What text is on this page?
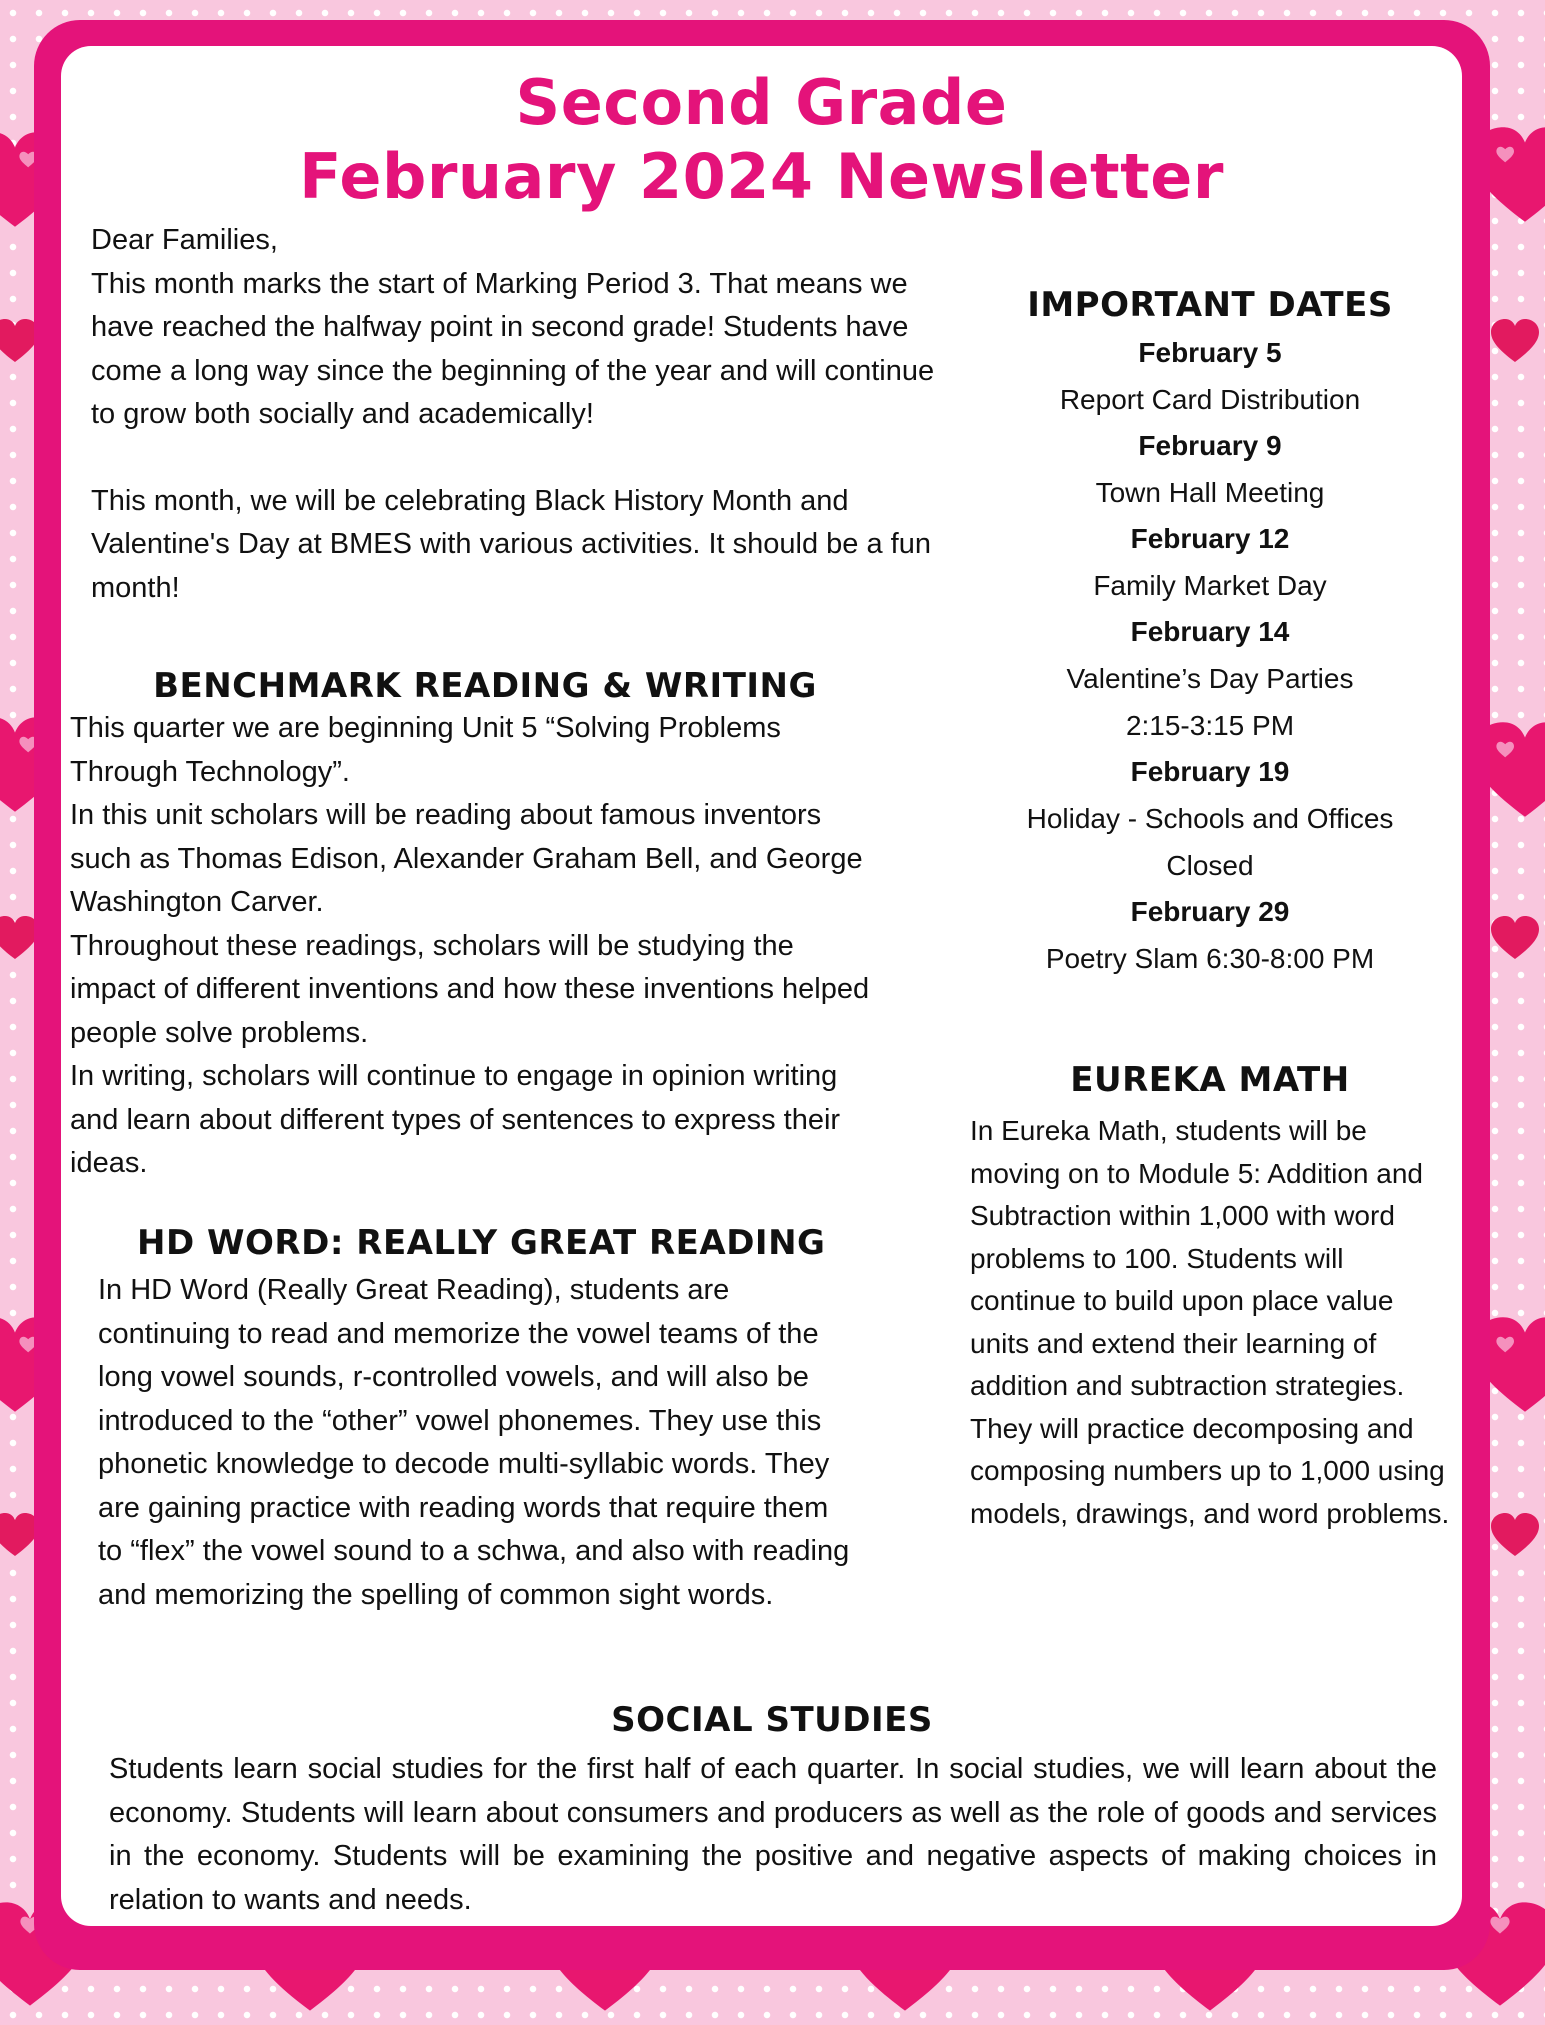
Second Grade
February 2024 Newsletter

Dear Families,

This month marks the start of Marking Period 3. That means we have reached the halfway point in second grade! Students have come a long way since the beginning of the year and will continue to grow both socially and academically!

This month, we will be celebrating Black History Month and Valentine's Day at BMES with various activities. It should be a fun month!

IMPORTANT DATES
February 5
Report Card Distribution
February 9
Town Hall Meeting
February 12
Family Market Day
February 14
Valentine’s Day Parties
2:15-3:15 PM
February 19
Holiday - Schools and Offices
Closed
February 29
Poetry Slam 6:30-8:00 PM
BENCHMARK READING & WRITING

This quarter we are beginning Unit 5 “Solving Problems

Through Technology”.

In this unit scholars will be reading about famous inventors

such as Thomas Edison, Alexander Graham Bell, and George

Washington Carver.

Throughout these readings, scholars will be studying the

impact of different inventions and how these inventions helped

people solve problems.

In writing, scholars will continue to engage in opinion writing

and learn about different types of sentences to express their

ideas.

HD WORD: REALLY GREAT READING
In HD Word (Really Great Reading), students are continuing to read and memorize the vowel teams of the long vowel sounds, r-controlled vowels, and will also be introduced to the “other” vowel phonemes. They use this phonetic knowledge to decode multi-syllabic words. They are gaining practice with reading words that require them to “flex” the vowel sound to a schwa, and also with reading and memorizing the spelling of common sight words.
EUREKA MATH
In Eureka Math, students will be moving on to Module 5: Addition and Subtraction within 1,000 with word problems to 100. Students will continue to build upon place value units and extend their learning of addition and subtraction strategies. They will practice decomposing and composing numbers up to 1,000 using models, drawings, and word problems.
SOCIAL STUDIES
Students learn social studies for the first half of each quarter. In social studies, we will learn about the economy. Students will learn about consumers and producers as well as the role of goods and services in the economy. Students will be examining the positive and negative aspects of making choices in relation to wants and needs.
